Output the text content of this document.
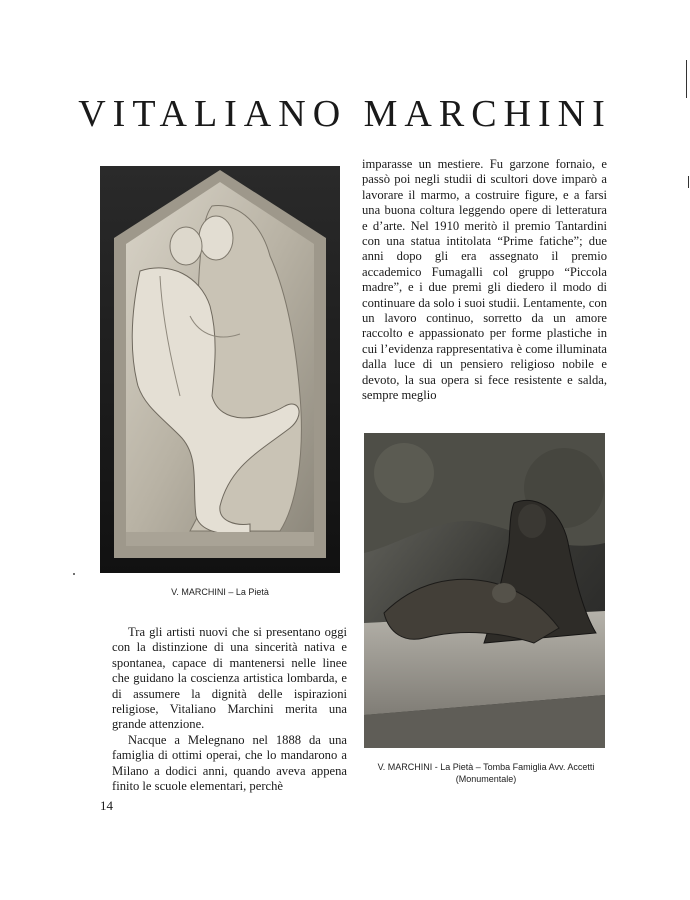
VITALIANO MARCHINI
V. MARCHINI – La Pietà

imparasse un mestiere. Fu garzone fornaio, e passò poi negli studii di scultori dove imparò a lavorare il marmo, a costruire figure, e a farsi una buona coltura leggendo opere di letteratura e d’arte. Nel 1910 meritò il premio Tantardini con una statua intitolata “Prime fatiche”; due anni dopo gli era assegnato il premio accademico Fumagalli col gruppo “Piccola madre”, e i due premi gli diedero il modo di continuare da solo i suoi studii. Lentamente, con un lavoro continuo, sorretto da un amore raccolto e appassionato per forme plastiche in cui l’evidenza rappresentativa è come illuminata dalla luce di un pensiero religioso nobile e devoto, la sua opera si fece resistente e salda, sempre meglio

V. MARCHINI - La Pietà – Tomba Famiglia Avv. Accetti
(Monumentale)

Tra gli artisti nuovi che si presentano oggi con la distinzione di una sincerità nativa e spontanea, capace di mantenersi nelle linee che guidano la coscienza artistica lombarda, e di assumere la dignità delle ispirazioni religiose, Vitaliano Marchini merita una grande attenzione.

Nacque a Melegnano nel 1888 da una famiglia di ottimi operai, che lo mandarono a Milano a dodici anni, quando aveva appena finito le scuole elementari, perchè

14
